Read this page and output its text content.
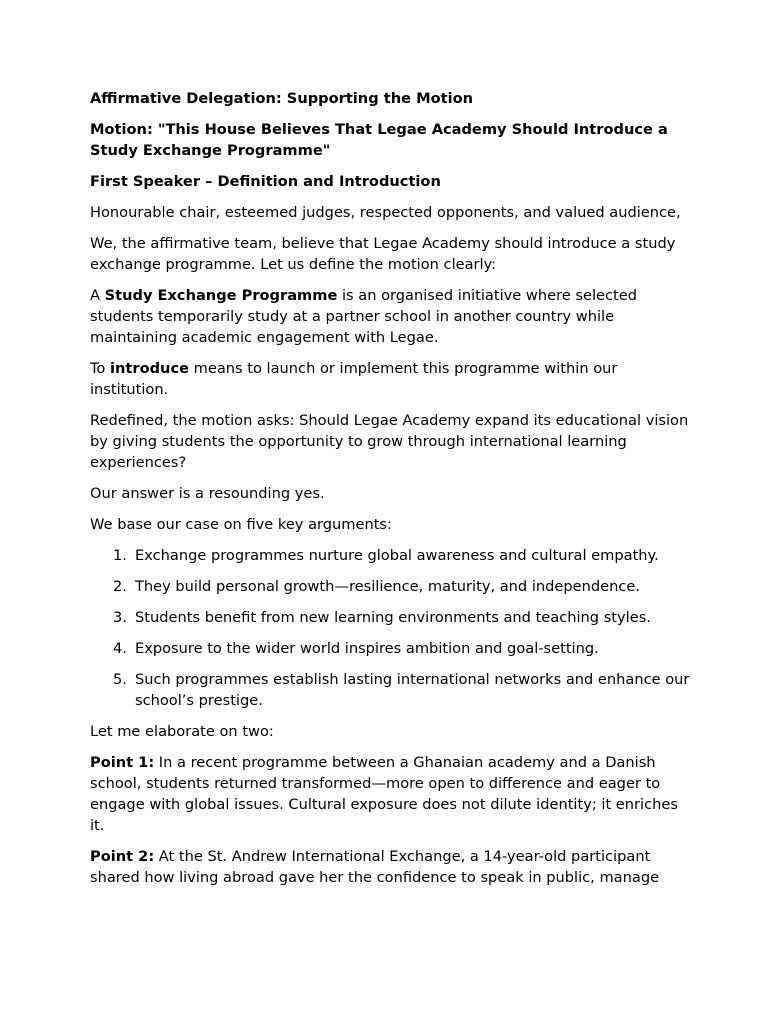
Affirmative Delegation: Supporting the Motion

Motion: "This House Believes That Legae Academy Should Introduce a Study Exchange Programme"

First Speaker – Definition and Introduction

Honourable chair, esteemed judges, respected opponents, and valued audience,

We, the affirmative team, believe that Legae Academy should introduce a study exchange programme. Let us define the motion clearly:

A Study Exchange Programme is an organised initiative where selected students temporarily study at a partner school in another country while maintaining academic engagement with Legae.

To introduce means to launch or implement this programme within our institution.

Redefined, the motion asks: Should Legae Academy expand its educational vision by giving students the opportunity to grow through international learning experiences?

Our answer is a resounding yes.

We base our case on five key arguments:

1. Exchange programmes nurture global awareness and cultural empathy.
2. They build personal growth—resilience, maturity, and independence.
3. Students benefit from new learning environments and teaching styles.
4. Exposure to the wider world inspires ambition and goal-setting.
5. Such programmes establish lasting international networks and enhance our school’s prestige.

Let me elaborate on two:

Point 1: In a recent programme between a Ghanaian academy and a Danish school, students returned transformed—more open to difference and eager to engage with global issues. Cultural exposure does not dilute identity; it enriches it.

Point 2: At the St. Andrew International Exchange, a 14-year-old participant shared how living abroad gave her the confidence to speak in public, manage
